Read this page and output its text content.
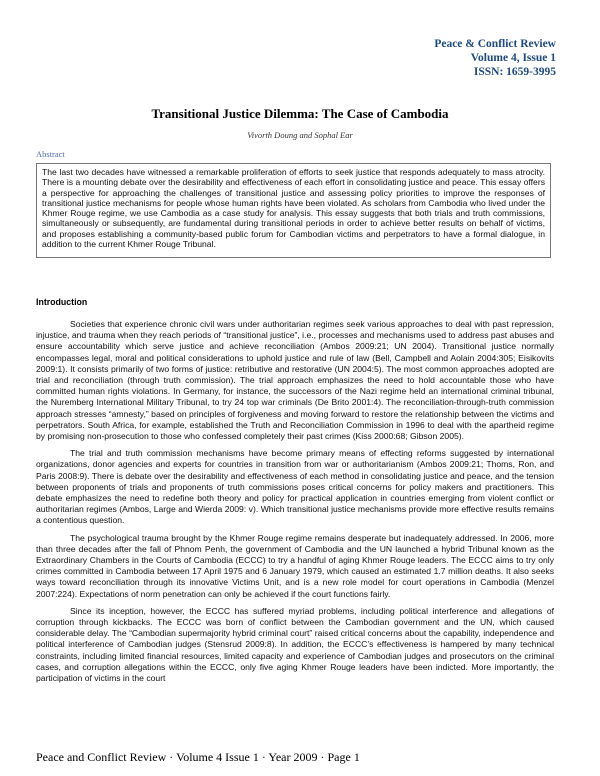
Peace & Conflict Review
Volume 4, Issue 1
ISSN: 1659-3995
Transitional Justice Dilemma: The Case of Cambodia
Vivorth Doung and Sophal Ear
Abstract
The last two decades have witnessed a remarkable proliferation of efforts to seek justice that responds adequately to mass atrocity. There is a mounting debate over the desirability and effectiveness of each effort in consolidating justice and peace. This essay offers a perspective for approaching the challenges of transitional justice and assessing policy priorities to improve the responses of transitional justice mechanisms for people whose human rights have been violated. As scholars from Cambodia who lived under the Khmer Rouge regime, we use Cambodia as a case study for analysis. This essay suggests that both trials and truth commissions, simultaneously or subsequently, are fundamental during transitional periods in order to achieve better results on behalf of victims, and proposes establishing a community-based public forum for Cambodian victims and perpetrators to have a formal dialogue, in addition to the current Khmer Rouge Tribunal.
Introduction

Societies that experience chronic civil wars under authoritarian regimes seek various approaches to deal with past repression, injustice, and trauma when they reach periods of “transitional justice”, i.e., processes and mechanisms used to address past abuses and ensure accountability which serve justice and achieve reconciliation (Ambos 2009:21; UN 2004). Transitional justice normally encompasses legal, moral and political considerations to uphold justice and rule of law (Bell, Campbell and Aolain 2004:305; Eisikovits 2009:1). It consists primarily of two forms of justice: retributive and restorative (UN 2004:5). The most common approaches adopted are trial and reconciliation (through truth commission). The trial approach emphasizes the need to hold accountable those who have committed human rights violations. In Germany, for instance, the successors of the Nazi regime held an international criminal tribunal, the Nuremberg International Military Tribunal, to try 24 top war criminals (De Brito 2001:4). The reconciliation-through-truth commission approach stresses “amnesty,” based on principles of forgiveness and moving forward to restore the relationship between the victims and perpetrators. South Africa, for example, established the Truth and Reconciliation Commission in 1996 to deal with the apartheid regime by promising non-prosecution to those who confessed completely their past crimes (Kiss 2000:68; Gibson 2005).

The trial and truth commission mechanisms have become primary means of effecting reforms suggested by international organizations, donor agencies and experts for countries in transition from war or authoritarianism (Ambos 2009:21; Thoms, Ron, and Paris 2008:9). There is debate over the desirability and effectiveness of each method in consolidating justice and peace, and the tension between proponents of trials and proponents of truth commissions poses critical concerns for policy makers and practitioners. This debate emphasizes the need to redefine both theory and policy for practical application in countries emerging from violent conflict or authoritarian regimes (Ambos, Large and Wierda 2009: v). Which transitional justice mechanisms provide more effective results remains a contentious question.

The psychological trauma brought by the Khmer Rouge regime remains desperate but inadequately addressed. In 2006, more than three decades after the fall of Phnom Penh, the government of Cambodia and the UN launched a hybrid Tribunal known as the Extraordinary Chambers in the Courts of Cambodia (ECCC) to try a handful of aging Khmer Rouge leaders. The ECCC aims to try only crimes committed in Cambodia between 17 April 1975 and 6 January 1979, which caused an estimated 1.7 million deaths. It also seeks ways toward reconciliation through its innovative Victims Unit, and is a new role model for court operations in Cambodia (Menzel 2007:224). Expectations of norm penetration can only be achieved if the court functions fairly.

Since its inception, however, the ECCC has suffered myriad problems, including political interference and allegations of corruption through kickbacks. The ECCC was born of conflict between the Cambodian government and the UN, which caused considerable delay. The “Cambodian supermajority hybrid criminal court” raised critical concerns about the capability, independence and political interference of Cambodian judges (Stensrud 2009:8). In addition, the ECCC’s effectiveness is hampered by many technical constraints, including limited financial resources, limited capacity and experience of Cambodian judges and prosecutors on the criminal cases, and corruption allegations within the ECCC, only five aging Khmer Rouge leaders have been indicted. More importantly, the participation of victims in the court

Peace and Conflict Review · Volume 4 Issue 1 · Year 2009 · Page 1
